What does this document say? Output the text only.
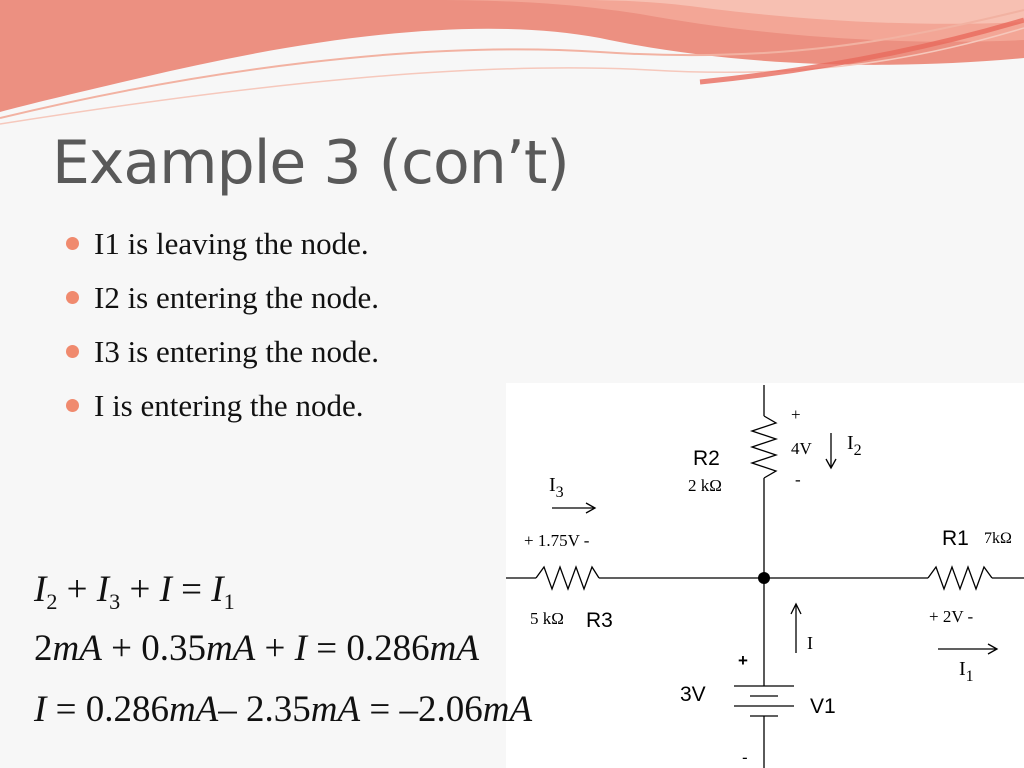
Example 3 (con’t)
I1 is leaving the node.
I2 is entering the node.
I3 is entering the node.
I is entering the node.	+
4V
-
$I_2$
R2
2 kΩ
$I_3$
+ 1.75V -
5 kΩ R3
R1 7kΩ
+ 2V -
$I_1$
I
+
3V
V1
-

$I_2 + I_3 + I = I_1$

2mA + 0.35mA + I = 0.286mA

I = 0.286mA– 2.35mA = –2.06mA
